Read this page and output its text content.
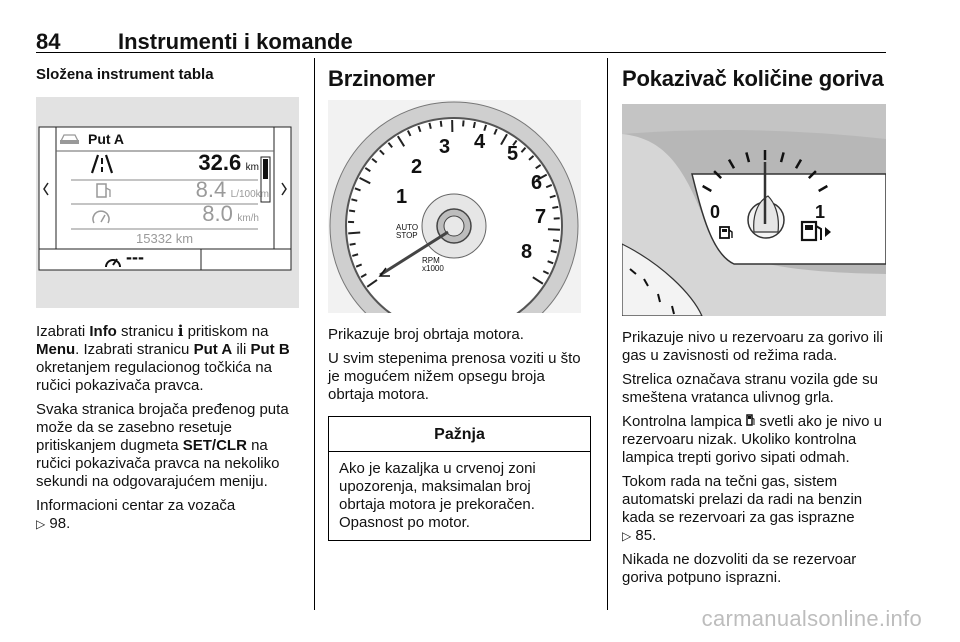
84	Instrumenti i komande
Složena instrument tabla
Put A
32.6 km
8.4 L/100km
8.0 km/h
15332 km
---

Izabrati Info stranicu i pritiskom na Menu. Izabrati stranicu Put A ili Put B okretanjem regulacionog točkića na ručici pokazivača pravca.

Svaka stranica brojača pređenog puta može da se zasebno resetuje pritiskanjem dugmeta SET/CLR na ručici pokazivača pravca na nekoliko sekundi na odgovarajućem meniju.

Informacioni centar za vozača
▷ 98.

Brzinomer
1
2
3 4
5
6
7
8
AUTO
STOP
RPM
x1000

Prikazuje broj obrtaja motora.

U svim stepenima prenosa voziti u što je mogućem nižem opsegu broja obrtaja motora.

Pažnja
Ako je kazaljka u crvenoj zoni upozorenja, maksimalan broj obrtaja motora je prekoračen. Opasnost po motor.
Pokazivač količine goriva
0	1

Prikazuje nivo u rezervoaru za gorivo ili gas u zavisnosti od režima rada.

Strelica označava stranu vozila gde su smeštena vratanca ulivnog grla.

Kontrolna lampica  svetli ako je nivo u rezervoaru nizak. Ukoliko kontrolna lampica trepti gorivo sipati odmah.

Tokom rada na tečni gas, sistem automatski prelazi da radi na benzin kada se rezervoari za gas isprazne
▷ 85.

Nikada ne dozvoliti da se rezervoar goriva potpuno isprazni.

carmanualsonline.info
